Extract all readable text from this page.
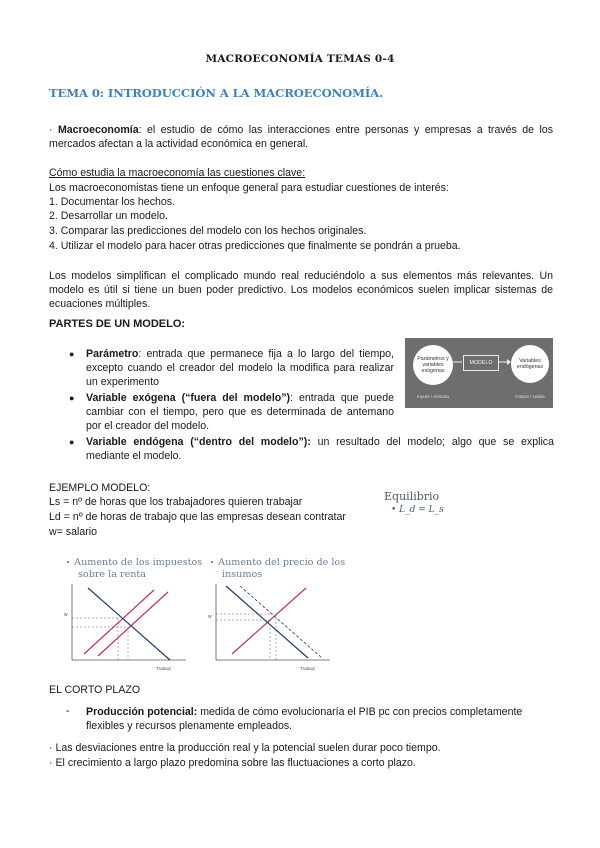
MACROECONOMÍA TEMAS 0-4
TEMA 0: INTRODUCCIÓN A LA MACROECONOMÍA.
· Macroeconomía: el estudio de cómo las interacciones entre personas y empresas a través de los mercados afectan a la actividad económica en general.
Cómo estudia la macroeconomía las cuestiones clave:
Los macroeconomistas tiene un enfoque general para estudiar cuestiones de interés:
1. Documentar los hechos.
2. Desarrollar un modelo.
3. Comparar las predicciones del modelo con los hechos originales.
4. Utilizar el modelo para hacer otras predicciones que finalmente se pondrán a prueba.
Los modelos simplifican el complicado mundo real reduciéndolo a sus elementos más relevantes. Un modelo es útil si tiene un buen poder predictivo. Los modelos económicos suelen implicar sistemas de ecuaciones múltiples.
PARTES DE UN MODELO:
● Parámetro: entrada que permanece fija a lo largo del tiempo, excepto cuando el creador del modelo la modifica para realizar un experimento
● Variable exógena (“fuera del modelo”): entrada que puede cambiar con el tiempo, pero que es determinada de antemano por el creador del modelo.
● Variable endógena (“dentro del modelo”): un resultado del modelo; algo que se explica mediante el modelo.
Parámetros y variables exógenas
MODELO	Variables endógenas
Inputs / entrada	Output / salida
EJEMPLO MODELO:
Ls = nº de horas que los trabajadores quieren trabajar
Ld = nº de horas de trabajo que las empresas desean contratar
w= salario
Equilibrio
• L_d = L_s
• Aumento de los impuestos
sobre la renta
w
Trabajo
• Aumento del precio de los
insumos
w
Trabajo
EL CORTO PLAZO
- Producción potencial: medida de cómo evolucionaría el PIB pc con precios completamente flexibles y recursos plenamente empleados.
· Las desviaciones entre la producción real y la potencial suelen durar poco tiempo.
· El crecimiento a largo plazo predomina sobre las fluctuaciones a corto plazo.
